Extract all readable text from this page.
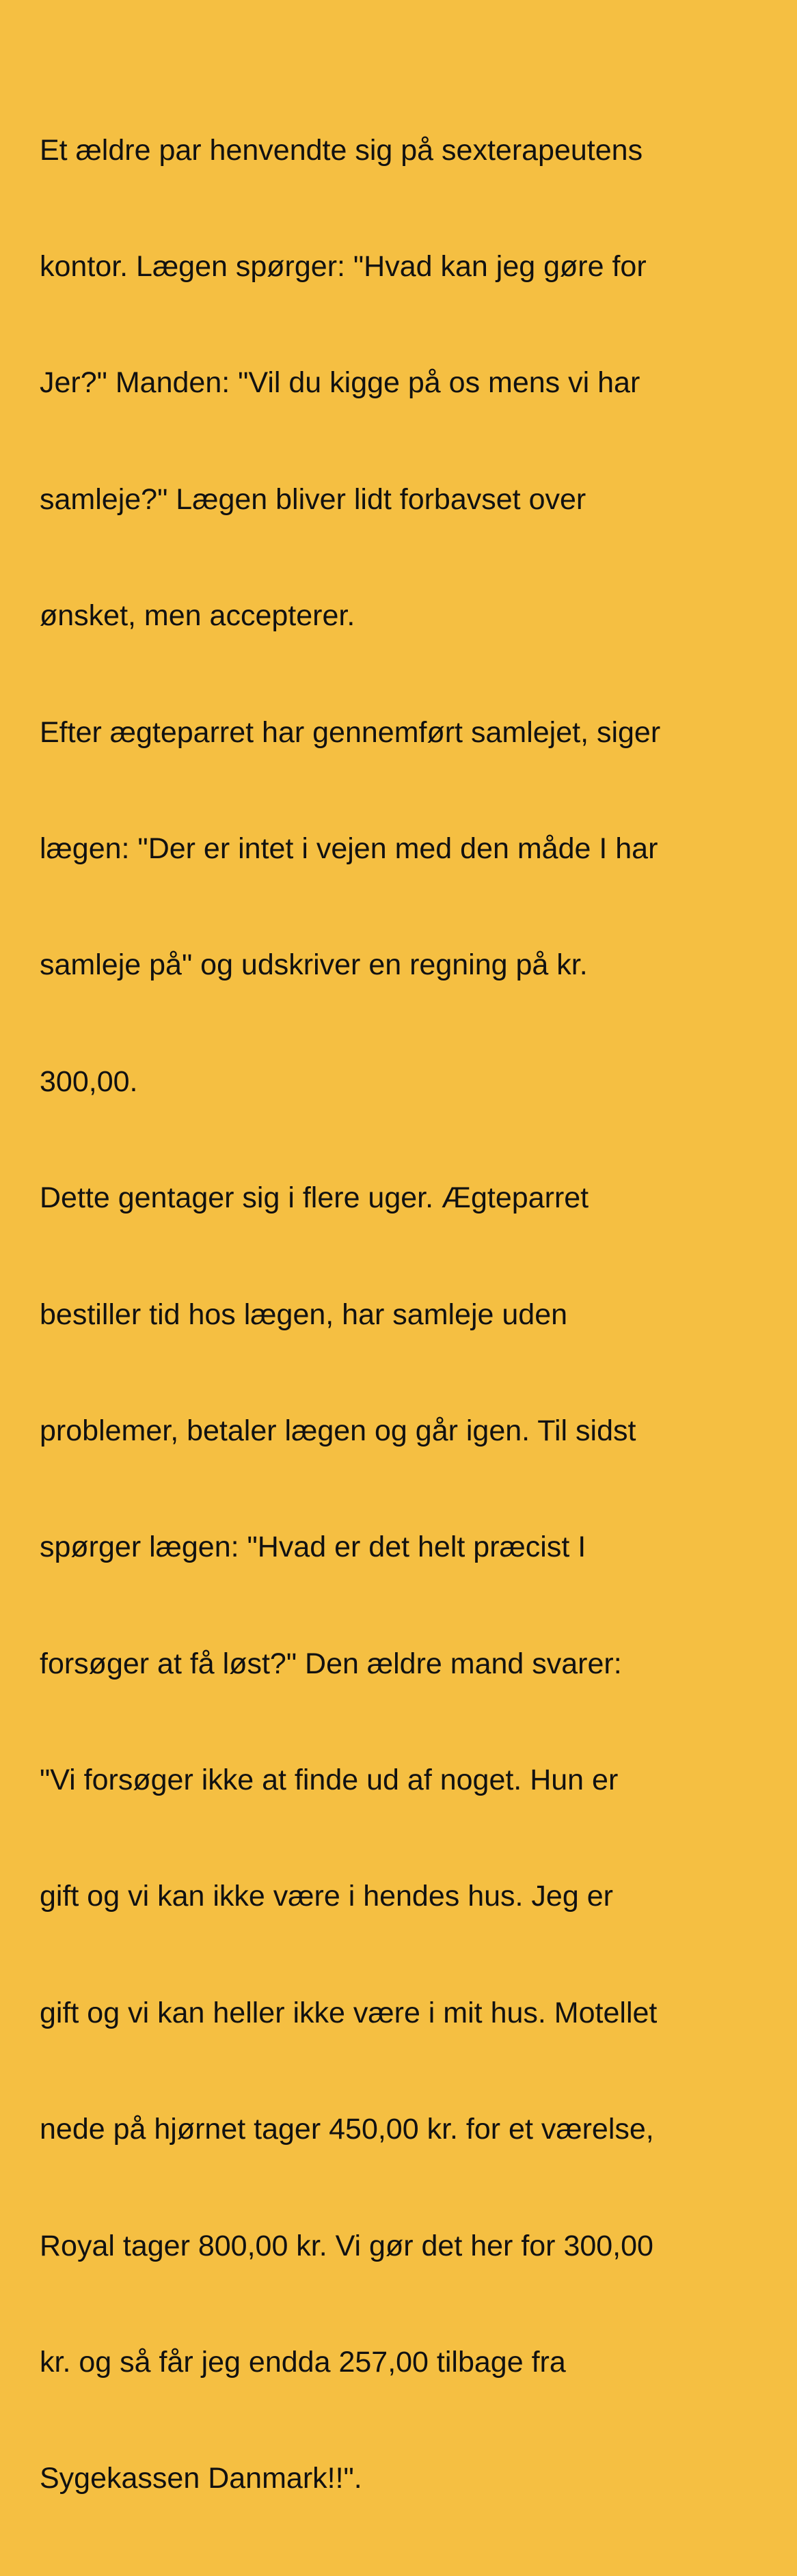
Et ældre par henvendte sig på sexterapeutens

kontor. Lægen spørger: "Hvad kan jeg gøre for

Jer?" Manden: "Vil du kigge på os mens vi har

samleje?" Lægen bliver lidt forbavset over

ønsket, men accepterer.

Efter ægteparret har gennemført samlejet, siger

lægen: "Der er intet i vejen med den måde I har

samleje på" og udskriver en regning på kr.

300,00.

Dette gentager sig i flere uger. Ægteparret

bestiller tid hos lægen, har samleje uden

problemer, betaler lægen og går igen. Til sidst

spørger lægen: "Hvad er det helt præcist I

forsøger at få løst?" Den ældre mand svarer:

"Vi forsøger ikke at finde ud af noget. Hun er

gift og vi kan ikke være i hendes hus. Jeg er

gift og vi kan heller ikke være i mit hus. Motellet

nede på hjørnet tager 450,00 kr. for et værelse,

Royal tager 800,00 kr. Vi gør det her for 300,00

kr. og så får jeg endda 257,00 tilbage fra

Sygekassen Danmark!!".
